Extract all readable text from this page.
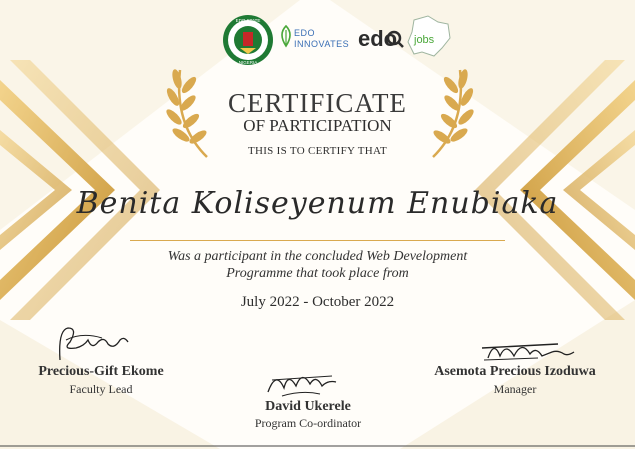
EDO STATE
NIGERIA
EDO
INNOVATES edo jobs
CERTIFICATE
OF PARTICIPATION
THIS IS TO CERTIFY THAT
Benita Koliseyenum Enubiaka
Was a participant in the concluded Web Development
Programme that took place from
July 2022 - October 2022
Precious-Gift Ekome
Faculty Lead
David Ukerele
Program Co-ordinator
Asemota Precious Izoduwa
Manager
